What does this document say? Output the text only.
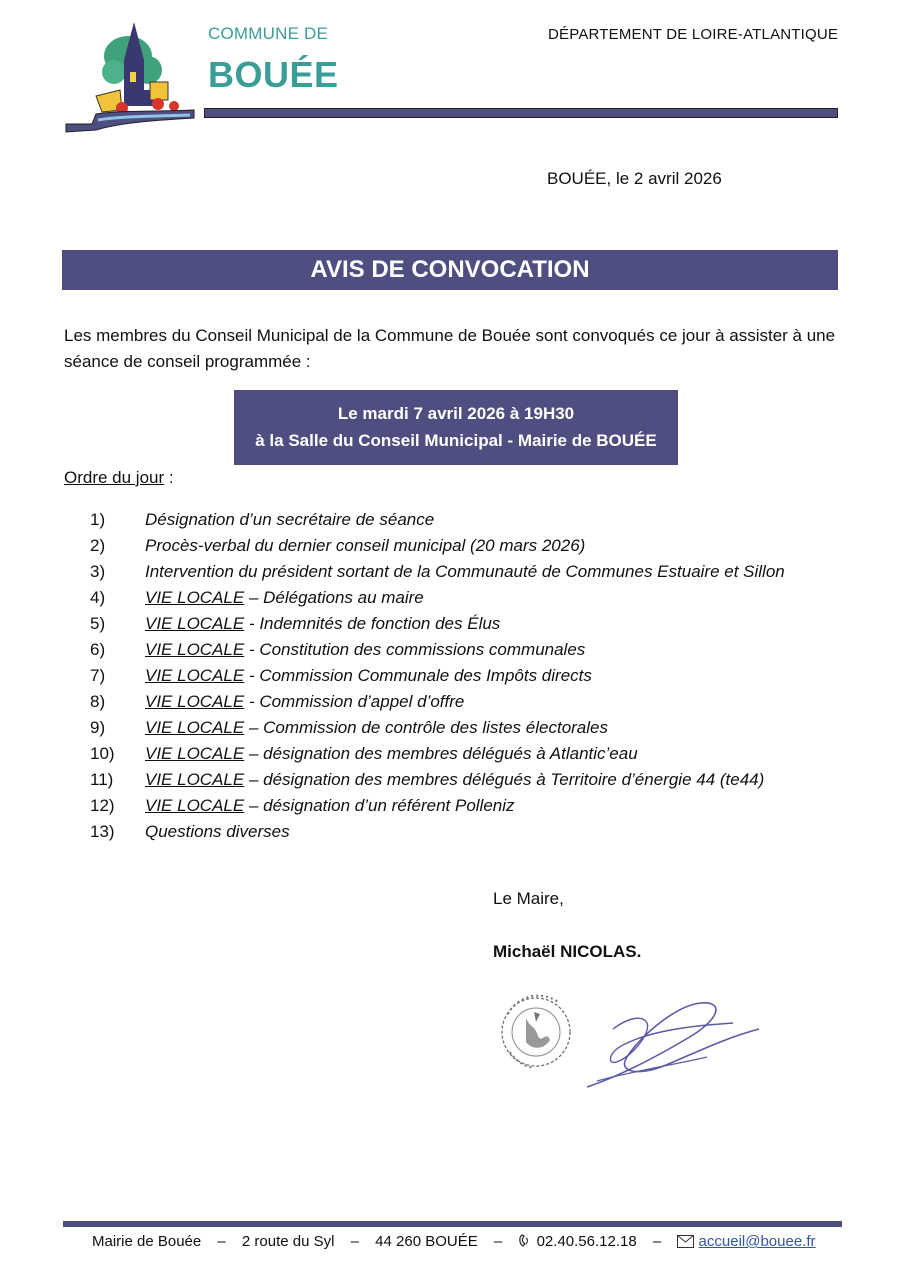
COMMUNE DE
BOUÉE
DÉPARTEMENT DE LOIRE-ATLANTIQUE
BOUÉE, le 2 avril 2026
AVIS DE CONVOCATION
Les membres du Conseil Municipal de la Commune de Bouée sont convoqués ce jour à assister à une séance de conseil programmée :
Le mardi 7 avril 2026 à 19H30
à la Salle du Conseil Municipal - Mairie de BOUÉE
Ordre du jour :
1) Désignation d’un secrétaire de séance
2) Procès-verbal du dernier conseil municipal (20 mars 2026)
3) Intervention du président sortant de la Communauté de Communes Estuaire et Sillon
4) VIE LOCALE – Délégations au maire
5) VIE LOCALE - Indemnités de fonction des Élus
6) VIE LOCALE - Constitution des commissions communales
7) VIE LOCALE - Commission Communale des Impôts directs
8) VIE LOCALE - Commission d’appel d’offre
9) VIE LOCALE – Commission de contrôle des listes électorales
10) VIE LOCALE – désignation des membres délégués à Atlantic’eau
11) VIE LOCALE – désignation des membres délégués à Territoire d’énergie 44 (te44)
12) VIE LOCALE – désignation d’un référent Polleniz
13) Questions diverses
Le Maire,
Michaël NICOLAS.
Mairie de Bouée – 2 route du Syl – 44 260 BOUÉE – 02.40.56.12.18 – accueil@bouee.fr
